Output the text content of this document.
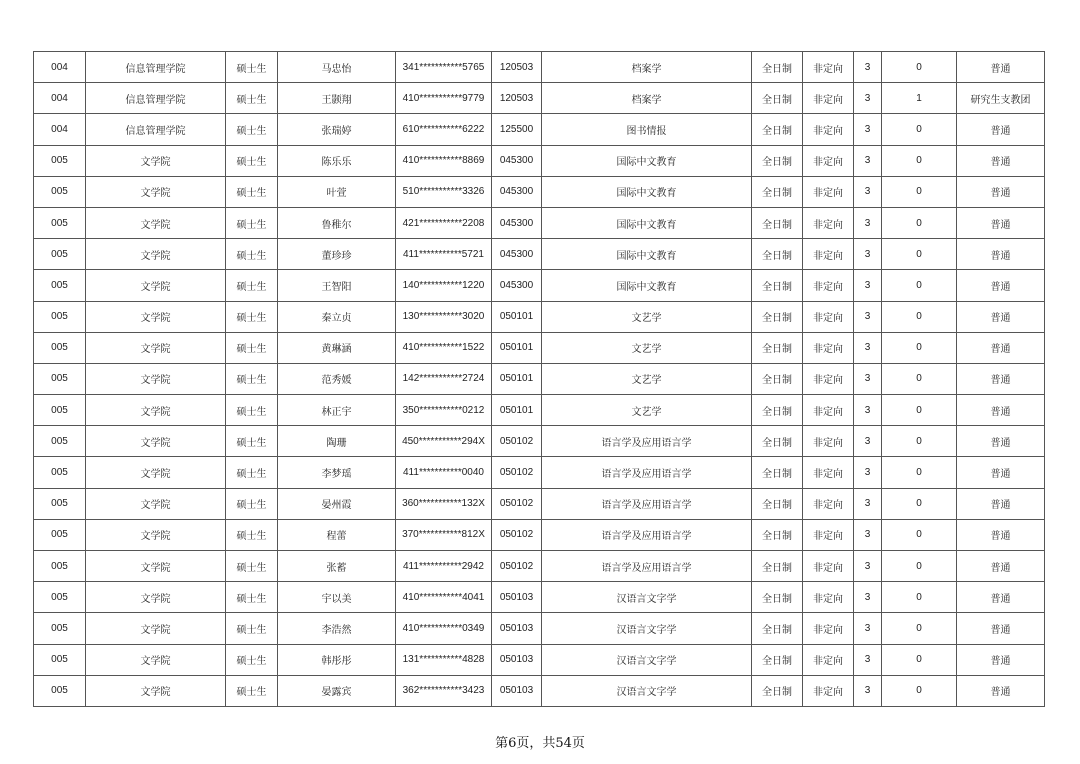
004	信息管理学院	硕士生	马忠怡	341***********5765	120503	档案学	全日制	非定向	3	0	普通
004	信息管理学院	硕士生	王颢翔	410***********9779	120503	档案学	全日制	非定向	3	1	研究生支教团
004	信息管理学院	硕士生	张瑞婷	610***********6222	125500	图书情报	全日制	非定向	3	0	普通
005	文学院	硕士生	陈乐乐	410***********8869	045300	国际中文教育	全日制	非定向	3	0	普通
005	文学院	硕士生	叶萱	510***********3326	045300	国际中文教育	全日制	非定向	3	0	普通
005	文学院	硕士生	鲁稚尔	421***********2208	045300	国际中文教育	全日制	非定向	3	0	普通
005	文学院	硕士生	董珍珍	411***********5721	045300	国际中文教育	全日制	非定向	3	0	普通
005	文学院	硕士生	王智阳	140***********1220	045300	国际中文教育	全日制	非定向	3	0	普通
005	文学院	硕士生	秦立贞	130***********3020	050101	文艺学	全日制	非定向	3	0	普通
005	文学院	硕士生	黄琳涵	410***********1522	050101	文艺学	全日制	非定向	3	0	普通
005	文学院	硕士生	范秀媛	142***********2724	050101	文艺学	全日制	非定向	3	0	普通
005	文学院	硕士生	林正宇	350***********0212	050101	文艺学	全日制	非定向	3	0	普通
005	文学院	硕士生	陶珊	450***********294X	050102	语言学及应用语言学	全日制	非定向	3	0	普通
005	文学院	硕士生	李梦瑶	411***********0040	050102	语言学及应用语言学	全日制	非定向	3	0	普通
005	文学院	硕士生	晏州霞	360***********132X	050102	语言学及应用语言学	全日制	非定向	3	0	普通
005	文学院	硕士生	程蕾	370***********812X	050102	语言学及应用语言学	全日制	非定向	3	0	普通
005	文学院	硕士生	张蓄	411***********2942	050102	语言学及应用语言学	全日制	非定向	3	0	普通
005	文学院	硕士生	宇以美	410***********4041	050103	汉语言文字学	全日制	非定向	3	0	普通
005	文学院	硕士生	李浩然	410***********0349	050103	汉语言文字学	全日制	非定向	3	0	普通
005	文学院	硕士生	韩彤彤	131***********4828	050103	汉语言文字学	全日制	非定向	3	0	普通
005	文学院	硕士生	晏露宾	362***********3423	050103	汉语言文字学	全日制	非定向	3	0	普通
第6页，共54页
